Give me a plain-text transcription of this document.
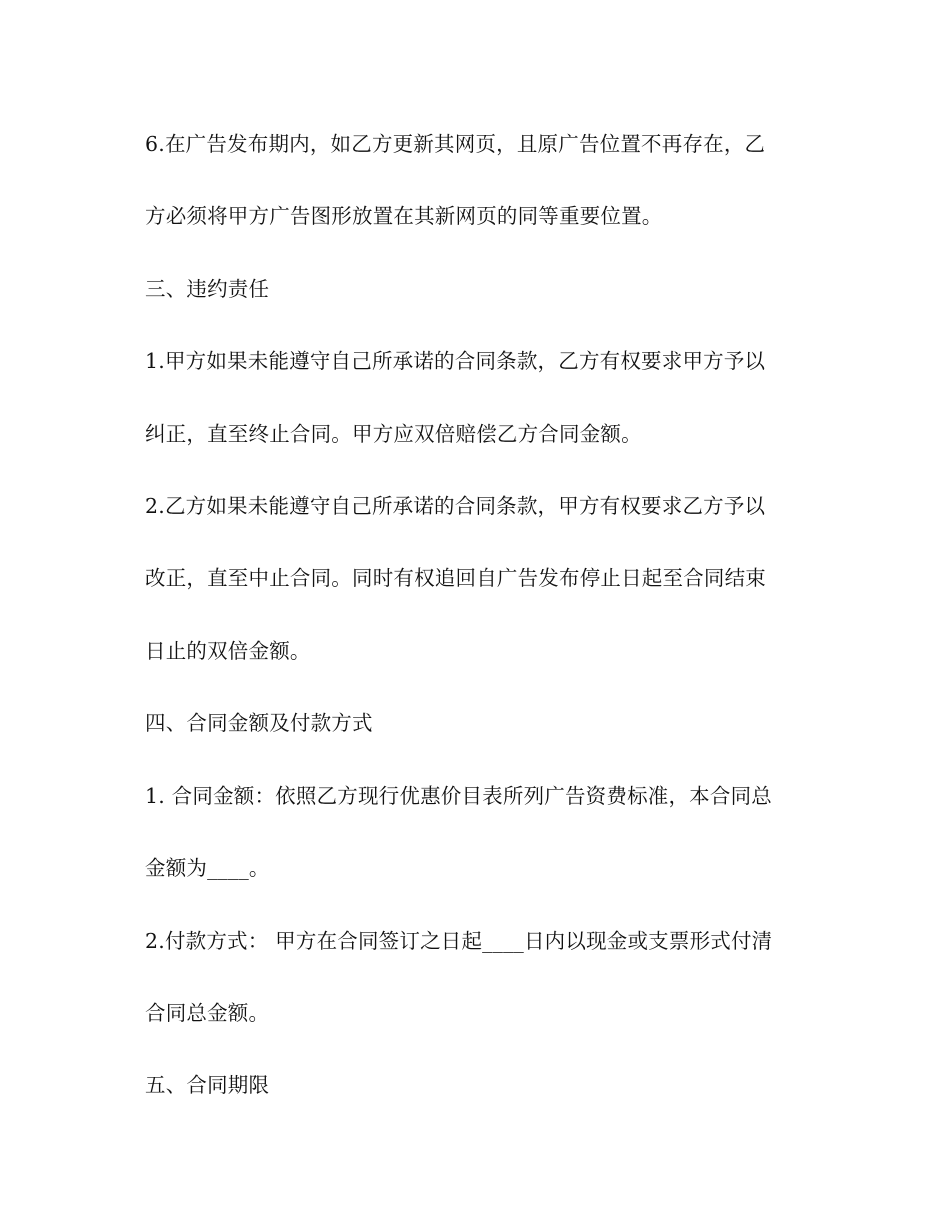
6.在广告发布期内，如乙方更新其网页，且原广告位置不再存在，乙
方必须将甲方广告图形放置在其新网页的同等重要位置。
三、违约责任
1.甲方如果未能遵守自己所承诺的合同条款，乙方有权要求甲方予以
纠正，直至终止合同。甲方应双倍赔偿乙方合同金额。
2.乙方如果未能遵守自己所承诺的合同条款，甲方有权要求乙方予以
改正，直至中止合同。同时有权追回自广告发布停止日起至合同结束
日止的双倍金额。
四、合同金额及付款方式
1. 合同金额：依照乙方现行优惠价目表所列广告资费标准，本合同总
金额为____。
2.付款方式： 甲方在合同签订之日起____日内以现金或支票形式付清
合同总金额。
五、合同期限
